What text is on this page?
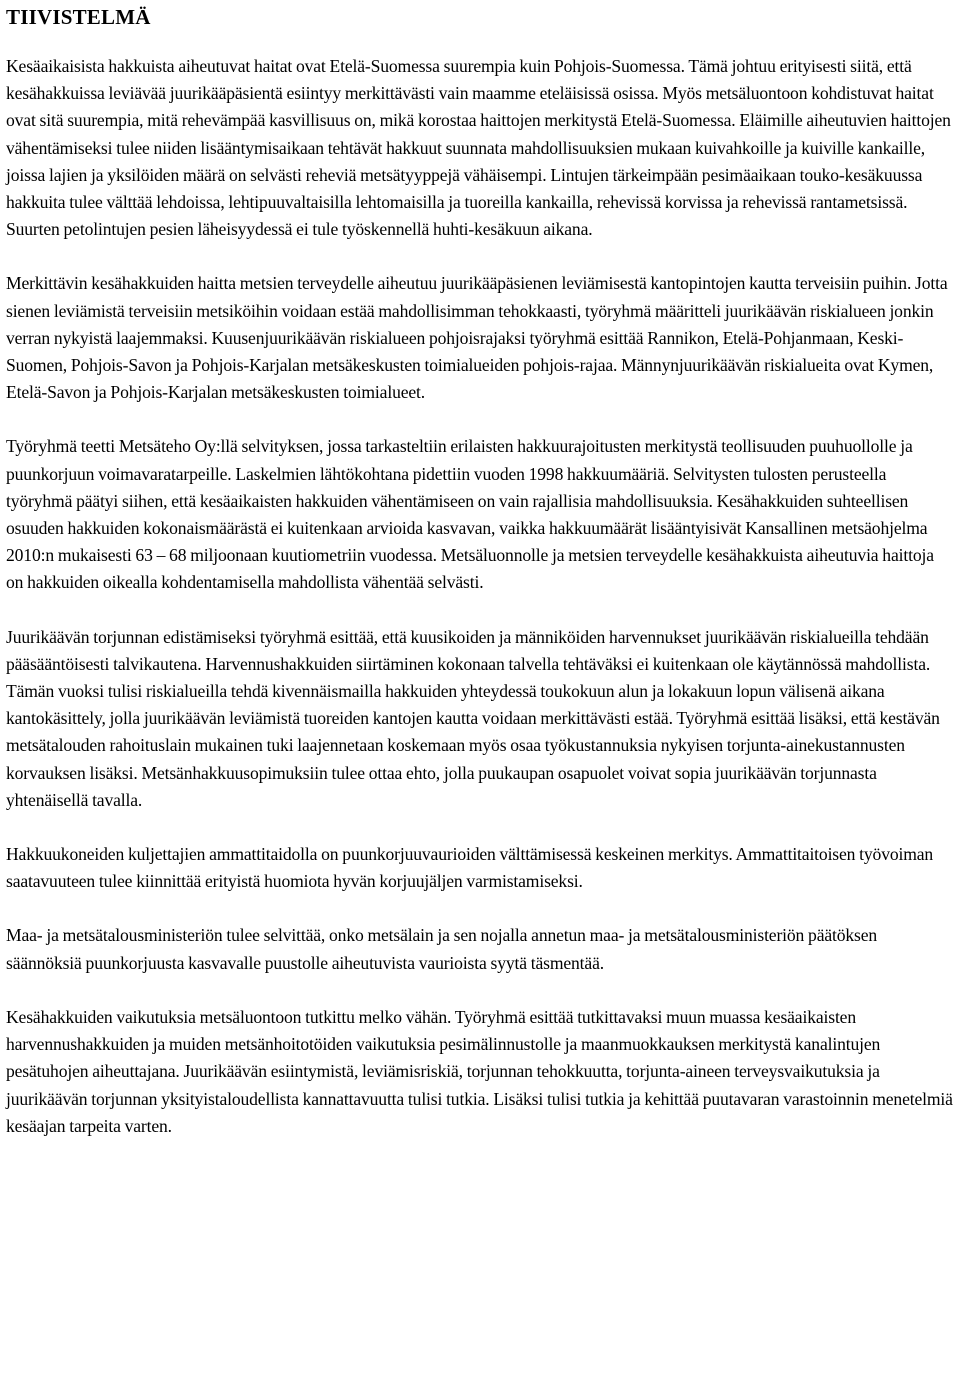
TIIVISTELMÄ

Kesäaikaisista hakkuista aiheutuvat haitat ovat Etelä-Suomessa suurempia kuin Pohjois-Suomessa. Tämä johtuu erityisesti siitä, että kesähakkuissa leviävää juurikääpäsientä esiintyy merkittävästi vain maamme eteläisissä osissa. Myös metsäluontoon kohdistuvat haitat ovat sitä suurempia, mitä rehevämpää kasvillisuus on, mikä korostaa haittojen merkitystä Etelä-Suomessa. Eläimille aiheutuvien haittojen vähentämiseksi tulee niiden lisääntymisaikaan tehtävät hakkuut suunnata mahdollisuuksien mukaan kuivahkoille ja kuiville kankaille, joissa lajien ja yksilöiden määrä on selvästi reheviä metsätyyppejä vähäisempi. Lintujen tärkeimpään pesimäaikaan touko-kesäkuussa hakkuita tulee välttää lehdoissa, lehtipuuvaltaisilla lehtomaisilla ja tuoreilla kankailla, rehevissä korvissa ja rehevissä rantametsissä. Suurten petolintujen pesien läheisyydessä ei tule työskennellä huhti-kesäkuun aikana.

Merkittävin kesähakkuiden haitta metsien terveydelle aiheutuu juurikääpäsienen leviämisestä kantopintojen kautta terveisiin puihin. Jotta sienen leviämistä terveisiin metsiköihin voidaan estää mahdollisimman tehokkaasti, työryhmä määritteli juurikäävän riskialueen jonkin verran nykyistä laajemmaksi. Kuusenjuurikäävän riskialueen pohjoisrajaksi työryhmä esittää Rannikon, Etelä-Pohjanmaan, Keski-Suomen, Pohjois-Savon ja Pohjois-Karjalan metsäkeskusten toimialueiden pohjois-rajaa. Männynjuurikäävän riskialueita ovat Kymen, Etelä-Savon ja Pohjois-Karjalan metsäkeskusten toimialueet.

Työryhmä teetti Metsäteho Oy:llä selvityksen, jossa tarkasteltiin erilaisten hakkuurajoitusten merkitystä teollisuuden puuhuollolle ja puunkorjuun voimavaratarpeille. Laskelmien lähtökohtana pidettiin vuoden 1998 hakkuumääriä. Selvitysten tulosten perusteella työryhmä päätyi siihen, että kesäaikaisten hakkuiden vähentämiseen on vain rajallisia mahdollisuuksia. Kesähakkuiden suhteellisen osuuden hakkuiden kokonaismäärästä ei kuitenkaan arvioida kasvavan, vaikka hakkuumäärät lisääntyisivät Kansallinen metsäohjelma 2010:n mukaisesti 63 – 68 miljoonaan kuutiometriin vuodessa. Metsäluonnolle ja metsien terveydelle kesähakkuista aiheutuvia haittoja on hakkuiden oikealla kohdentamisella mahdollista vähentää selvästi.

Juurikäävän torjunnan edistämiseksi työryhmä esittää, että kuusikoiden ja männiköiden harvennukset juurikäävän riskialueilla tehdään pääsääntöisesti talvikautena. Harvennushakkuiden siirtäminen kokonaan talvella tehtäväksi ei kuitenkaan ole käytännössä mahdollista. Tämän vuoksi tulisi riskialueilla tehdä kivennäismailla hakkuiden yhteydessä toukokuun alun ja lokakuun lopun välisenä aikana kantokäsittely, jolla juurikäävän leviämistä tuoreiden kantojen kautta voidaan merkittävästi estää. Työryhmä esittää lisäksi, että kestävän metsätalouden rahoituslain mukainen tuki laajennetaan koskemaan myös osaa työkustannuksia nykyisen torjunta-ainekustannusten korvauksen lisäksi. Metsänhakkuusopimuksiin tulee ottaa ehto, jolla puukaupan osapuolet voivat sopia juurikäävän torjunnasta yhtenäisellä tavalla.

Hakkuukoneiden kuljettajien ammattitaidolla on puunkorjuuvaurioiden välttämisessä keskeinen merkitys. Ammattitaitoisen työvoiman saatavuuteen tulee kiinnittää erityistä huomiota hyvän korjuujäljen varmistamiseksi.

Maa- ja metsätalousministeriön tulee selvittää, onko metsälain ja sen nojalla annetun maa- ja metsätalousministeriön päätöksen säännöksiä puunkorjuusta kasvavalle puustolle aiheutuvista vaurioista syytä täsmentää.

Kesähakkuiden vaikutuksia metsäluontoon tutkittu melko vähän. Työryhmä esittää tutkittavaksi muun muassa kesäaikaisten harvennushakkuiden ja muiden metsänhoitotöiden vaikutuksia pesimälinnustolle ja maanmuokkauksen merkitystä kanalintujen pesätuhojen aiheuttajana. Juurikäävän esiintymistä, leviämisriskiä, torjunnan tehokkuutta, torjunta-aineen terveysvaikutuksia ja juurikäävän torjunnan yksityistaloudellista kannattavuutta tulisi tutkia. Lisäksi tulisi tutkia ja kehittää puutavaran varastoinnin menetelmiä kesäajan tarpeita varten.
